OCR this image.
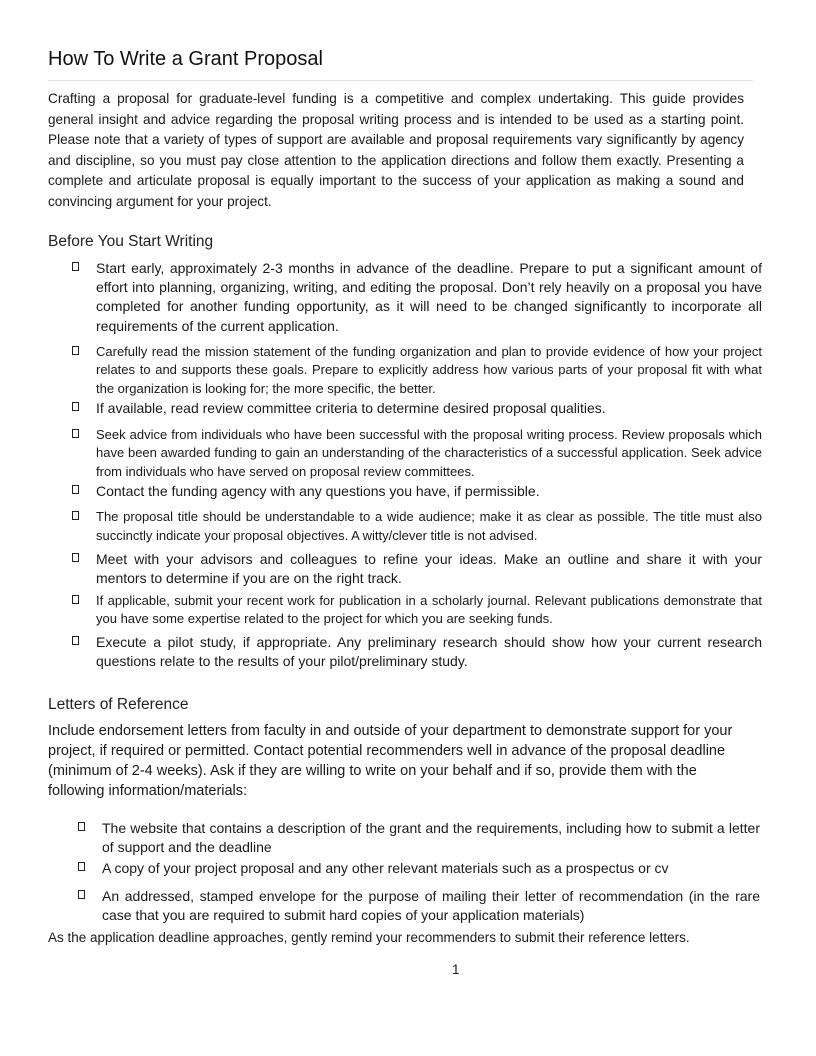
How To Write a Grant Proposal

Crafting a proposal for graduate-level funding is a competitive and complex undertaking. This guide provides general insight and advice regarding the proposal writing process and is intended to be used as a starting point. Please note that a variety of types of support are available and proposal requirements vary significantly by agency and discipline, so you must pay close attention to the application directions and follow them exactly. Presenting a complete and articulate proposal is equally important to the success of your application as making a sound and convincing argument for your project.

Before You Start Writing
Start early, approximately 2-3 months in advance of the deadline. Prepare to put a significant amount of effort into planning, organizing, writing, and editing the proposal. Don’t rely heavily on a proposal you have completed for another funding opportunity, as it will need to be changed significantly to incorporate all requirements of the current application.
Carefully read the mission statement of the funding organization and plan to provide evidence of how your project relates to and supports these goals. Prepare to explicitly address how various parts of your proposal fit with what the organization is looking for; the more specific, the better.
If available, read review committee criteria to determine desired proposal qualities.
Seek advice from individuals who have been successful with the proposal writing process. Review proposals which have been awarded funding to gain an understanding of the characteristics of a successful application. Seek advice from individuals who have served on proposal review committees.
Contact the funding agency with any questions you have, if permissible.
The proposal title should be understandable to a wide audience; make it as clear as possible. The title must also succinctly indicate your proposal objectives. A witty/clever title is not advised.
Meet with your advisors and colleagues to refine your ideas. Make an outline and share it with your mentors to determine if you are on the right track.
If applicable, submit your recent work for publication in a scholarly journal. Relevant publications demonstrate that you have some expertise related to the project for which you are seeking funds.
Execute a pilot study, if appropriate. Any preliminary research should show how your current research questions relate to the results of your pilot/preliminary study.
Letters of Reference

Include endorsement letters from faculty in and outside of your department to demonstrate support for your project, if required or permitted. Contact potential recommenders well in advance of the proposal deadline (minimum of 2-4 weeks). Ask if they are willing to write on your behalf and if so, provide them with the following information/materials:

The website that contains a description of the grant and the requirements, including how to submit a letter of support and the deadline
A copy of your project proposal and any other relevant materials such as a prospectus or cv
An addressed, stamped envelope for the purpose of mailing their letter of recommendation (in the rare case that you are required to submit hard copies of your application materials)

As the application deadline approaches, gently remind your recommenders to submit their reference letters.

1
